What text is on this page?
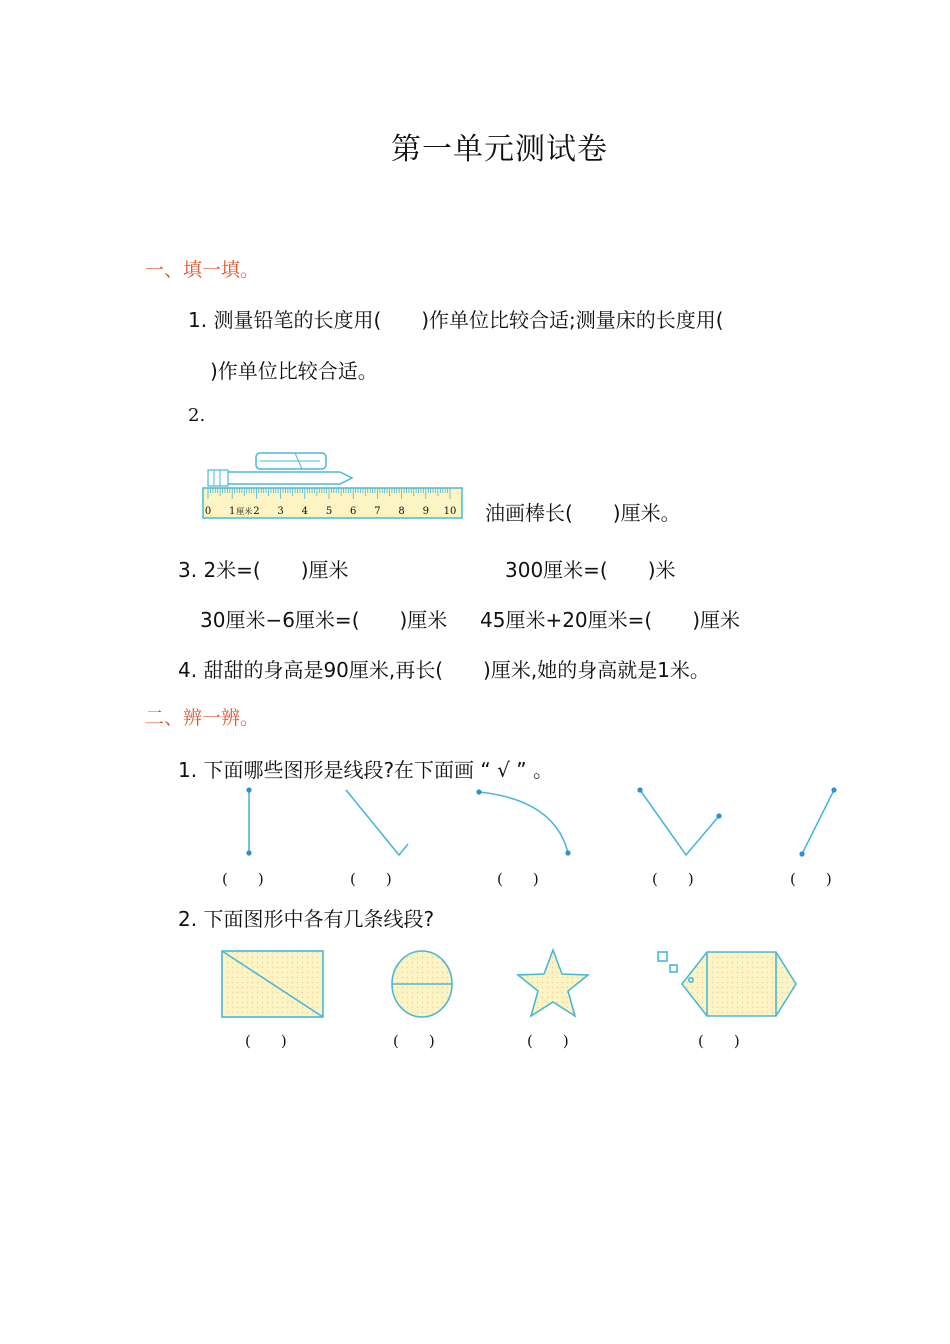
第一单元测试卷
一、填一填。
1. 测量铅笔的长度用(　　)作单位比较合适;测量床的长度用(
)作单位比较合适。
2.
0 1 2 3 4 5 6 7 8 9 10
厘米	油画棒长(　　)厘米。
3. 2米=(　　)厘米	300厘米=(　　)米
30厘米−6厘米=(　　)厘米 45厘米+20厘米=(　　)厘米
4. 甜甜的身高是90厘米,再长(　　)厘米,她的身高就是1米。
二、辨一辨。
1. 下面哪些图形是线段?在下面画 “ √ ” 。
(　　)	(　　)	(　　)	(　　)	(　　)
2. 下面图形中各有几条线段?
(　　)	(　　)	(　　)	(　　)
